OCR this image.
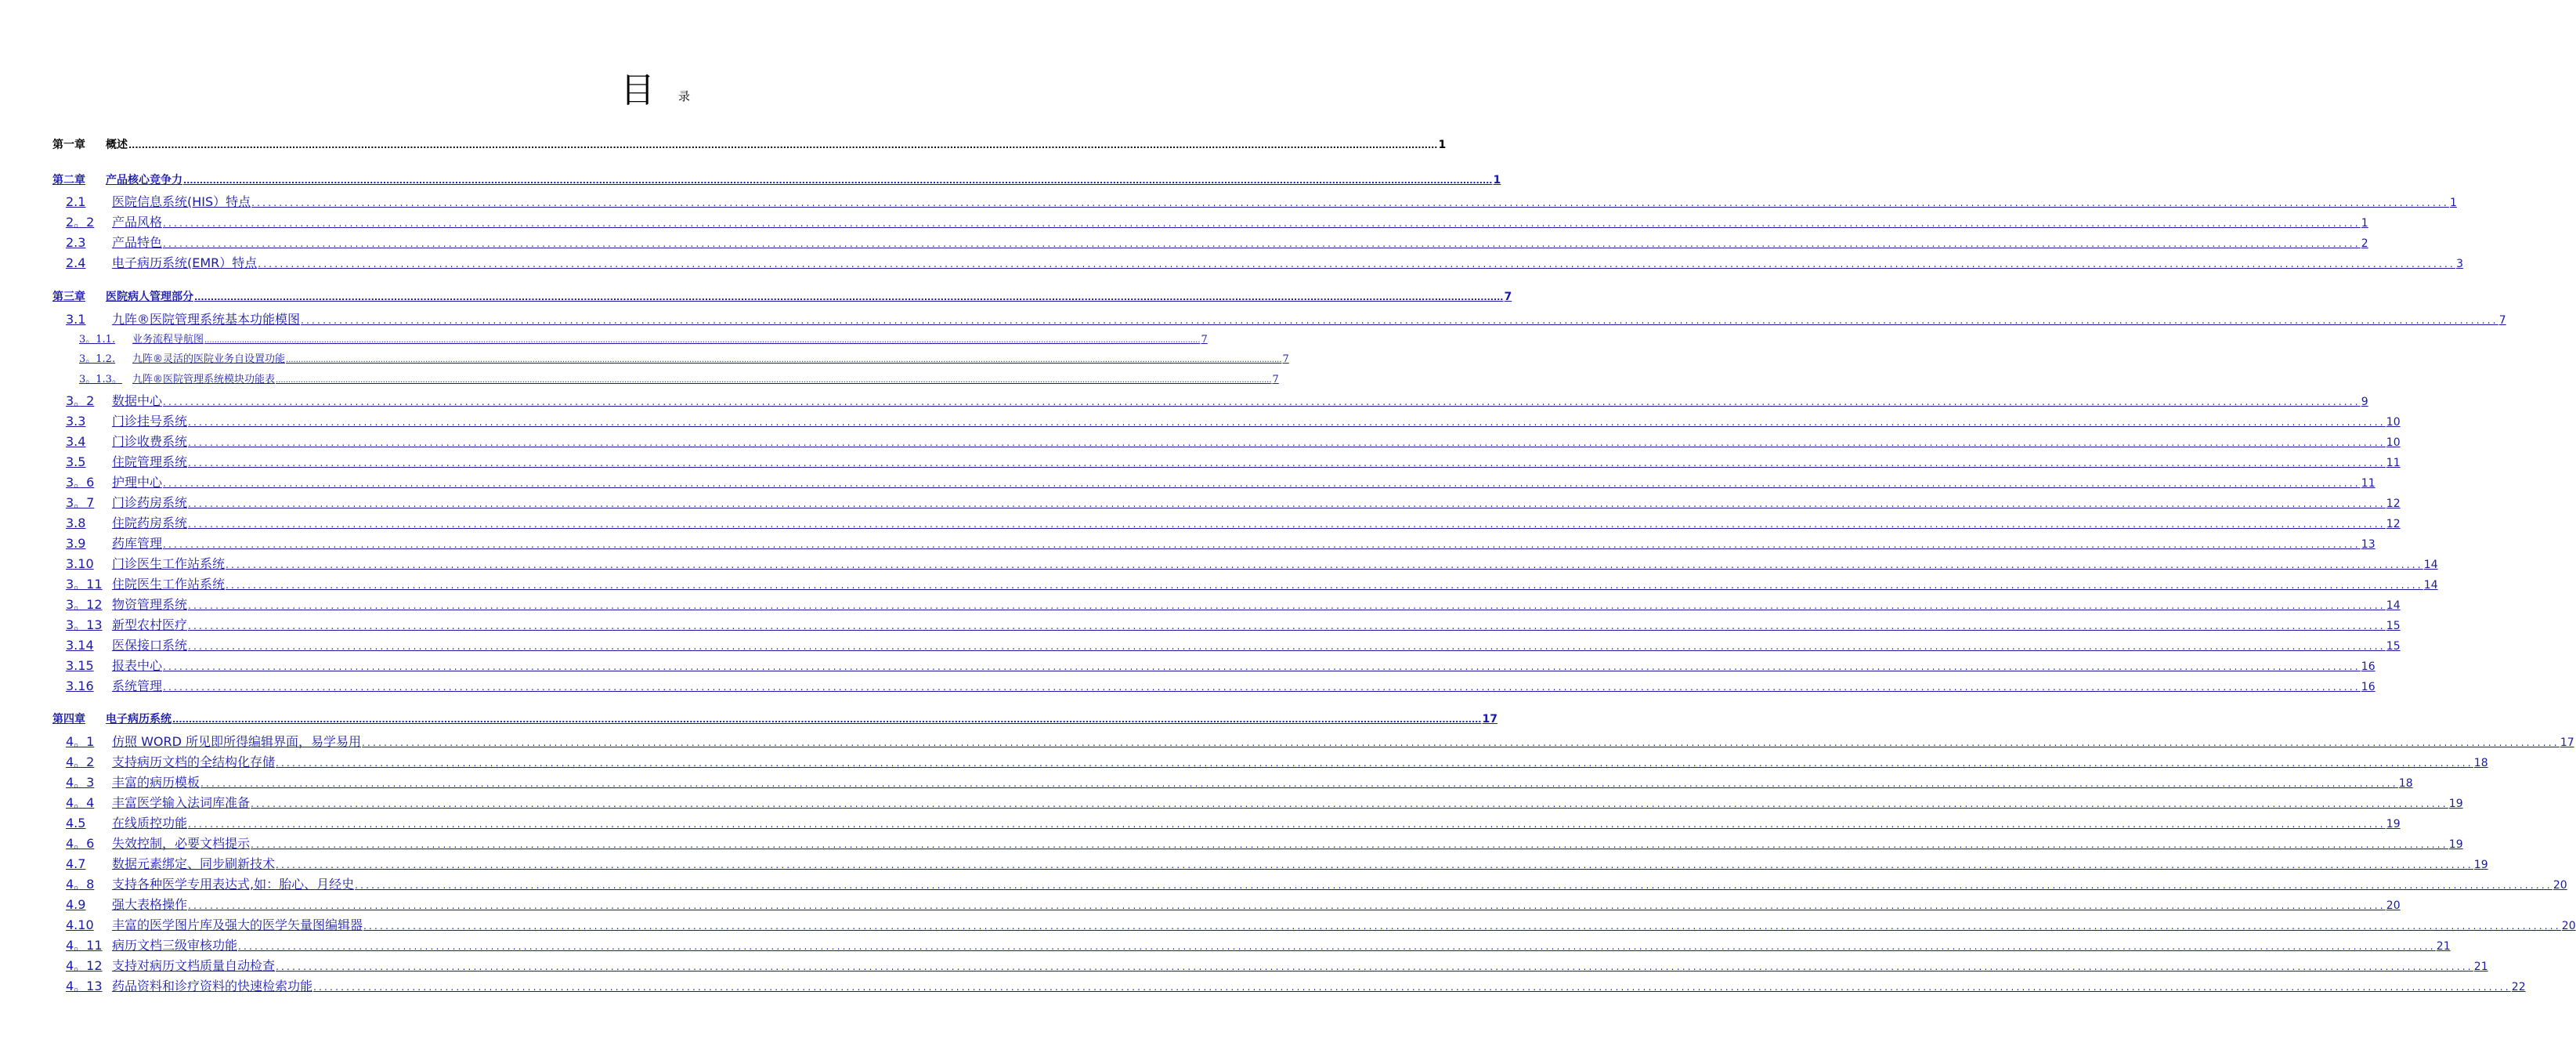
目 录
第一章	概述 ................................................................................................................................................................................................................................................................................................................................................................................................................ 1
第二章	产品核心竞争力 ................................................................................................................................................................................................................................................................................................................................................................................................................ 1
2.1	医院信息系统(HIS）特点 ................................................................................................................................................................................................................................................................................................................................................................................................................ 1
2。2	产品风格 ................................................................................................................................................................................................................................................................................................................................................................................................................ 1
2.3	产品特色 ................................................................................................................................................................................................................................................................................................................................................................................................................ 2
2.4	电子病历系统(EMR）特点 ................................................................................................................................................................................................................................................................................................................................................................................................................ 3
第三章	医院病人管理部分 ................................................................................................................................................................................................................................................................................................................................................................................................................ 7
3.1	九阵®医院管理系统基本功能模图 ................................................................................................................................................................................................................................................................................................................................................................................................................ 7
3。1.1.	业务流程导航图 ................................................................................................................................................................................................................................................................................................................................................................................................................ 7
3。1.2.	九阵®灵活的医院业务自设置功能 ................................................................................................................................................................................................................................................................................................................................................................................................................ 7
3。1.3。	九阵®医院管理系统模块功能表 ................................................................................................................................................................................................................................................................................................................................................................................................................ 7
3。2	数据中心 ................................................................................................................................................................................................................................................................................................................................................................................................................ 9
3.3	门诊挂号系统 ................................................................................................................................................................................................................................................................................................................................................................................................................ 10
3.4	门诊收费系统 ................................................................................................................................................................................................................................................................................................................................................................................................................ 10
3.5	住院管理系统 ................................................................................................................................................................................................................................................................................................................................................................................................................ 11
3。6	护理中心 ................................................................................................................................................................................................................................................................................................................................................................................................................ 11
3。7	门诊药房系统 ................................................................................................................................................................................................................................................................................................................................................................................................................ 12
3.8	住院药房系统 ................................................................................................................................................................................................................................................................................................................................................................................................................ 12
3.9	药库管理 ................................................................................................................................................................................................................................................................................................................................................................................................................ 13
3.10	门诊医生工作站系统 ................................................................................................................................................................................................................................................................................................................................................................................................................ 14
3。11 住院医生工作站系统 ................................................................................................................................................................................................................................................................................................................................................................................................................ 14
3。12 物资管理系统 ................................................................................................................................................................................................................................................................................................................................................................................................................ 14
3。13 新型农村医疗 ................................................................................................................................................................................................................................................................................................................................................................................................................ 15
3.14	医保接口系统 ................................................................................................................................................................................................................................................................................................................................................................................................................ 15
3.15	报表中心 ................................................................................................................................................................................................................................................................................................................................................................................................................ 16
3.16	系统管理 ................................................................................................................................................................................................................................................................................................................................................................................................................ 16
第四章	电子病历系统 ................................................................................................................................................................................................................................................................................................................................................................................................................ 17
4。1	仿照 WORD 所见即所得编辑界面，易学易用 ................................................................................................................................................................................................................................................................................................................................................................................................................ 17
4。2	支持病历文档的全结构化存储 ................................................................................................................................................................................................................................................................................................................................................................................................................ 18
4。3	丰富的病历模板 ................................................................................................................................................................................................................................................................................................................................................................................................................ 18
4。4	丰富医学输入法词库准备 ................................................................................................................................................................................................................................................................................................................................................................................................................ 19
4.5	在线质控功能 ................................................................................................................................................................................................................................................................................................................................................................................................................ 19
4。6	失效控制，必要文档提示 ................................................................................................................................................................................................................................................................................................................................................................................................................ 19
4.7	数据元素绑定、同步刷新技术 ................................................................................................................................................................................................................................................................................................................................................................................................................ 19
4。8	支持各种医学专用表达式,如：胎心、月经史 ................................................................................................................................................................................................................................................................................................................................................................................................................ 20
4.9	强大表格操作 ................................................................................................................................................................................................................................................................................................................................................................................................................ 20
4.10	丰富的医学图片库及强大的医学矢量图编辑器 ................................................................................................................................................................................................................................................................................................................................................................................................................ 20
4。11 病历文档三级审核功能 ................................................................................................................................................................................................................................................................................................................................................................................................................ 21
4。12 支持对病历文档质量自动检查 ................................................................................................................................................................................................................................................................................................................................................................................................................ 21
4。13 药品资料和诊疗资料的快速检索功能 ................................................................................................................................................................................................................................................................................................................................................................................................................ 22
